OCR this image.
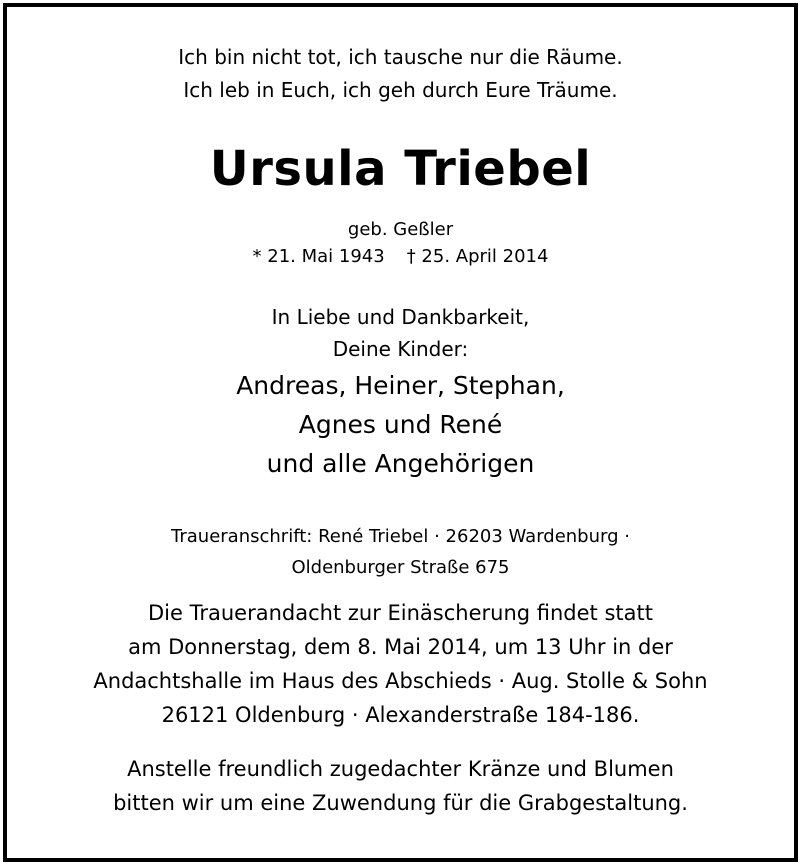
Ich bin nicht tot, ich tausche nur die Räume.
Ich leb in Euch, ich geh durch Eure Träume.
Ursula Triebel
geb. Geßler
* 21. Mai 1943 † 25. April 2014
In Liebe und Dankbarkeit,
Deine Kinder:
Andreas, Heiner, Stephan,
Agnes und René
und alle Angehörigen
Traueranschrift: René Triebel · 26203 Wardenburg ·
Oldenburger Straße 675
Die Trauerandacht zur Einäscherung findet statt
am Donnerstag, dem 8. Mai 2014, um 13 Uhr in der
Andachtshalle im Haus des Abschieds · Aug. Stolle & Sohn
26121 Oldenburg · Alexanderstraße 184-186.
Anstelle freundlich zugedachter Kränze und Blumen
bitten wir um eine Zuwendung für die Grabgestaltung.
